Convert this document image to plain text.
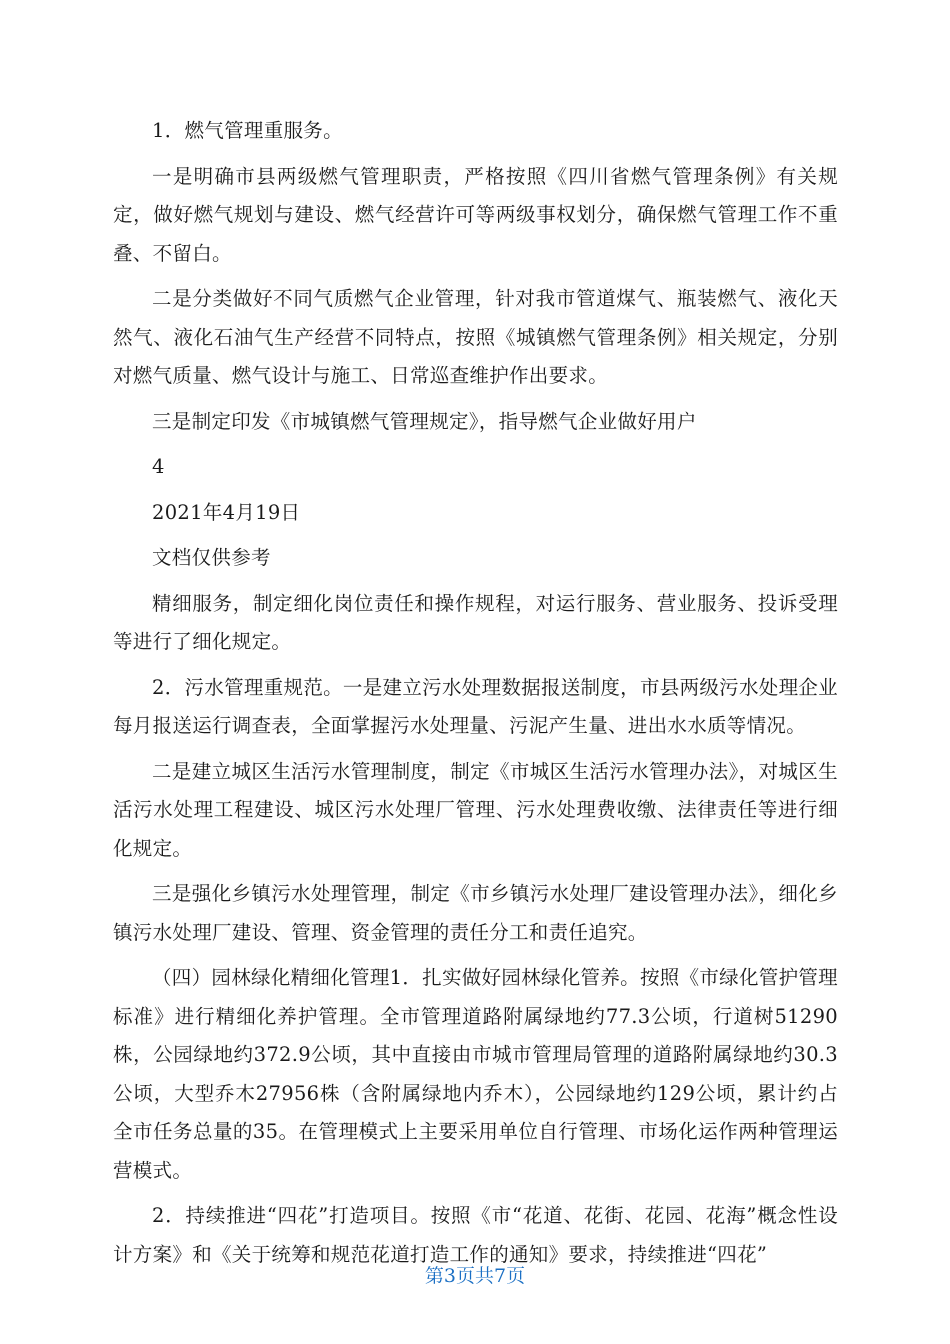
1．燃气管理重服务。

一是明确市县两级燃气管理职责，严格按照《四川省燃气管理条例》有关规定，做好燃气规划与建设、燃气经营许可等两级事权划分，确保燃气管理工作不重叠、不留白。

二是分类做好不同气质燃气企业管理，针对我市管道煤气、瓶装燃气、液化天然气、液化石油气生产经营不同特点，按照《城镇燃气管理条例》相关规定，分别对燃气质量、燃气设计与施工、日常巡查维护作出要求。

三是制定印发《市城镇燃气管理规定》，指导燃气企业做好用户

4

2021年4月19日

文档仅供参考

精细服务，制定细化岗位责任和操作规程，对运行服务、营业服务、投诉受理等进行了细化规定。

2．污水管理重规范。一是建立污水处理数据报送制度，市县两级污水处理企业每月报送运行调查表，全面掌握污水处理量、污泥产生量、进出水水质等情况。

二是建立城区生活污水管理制度，制定《市城区生活污水管理办法》，对城区生活污水处理工程建设、城区污水处理厂管理、污水处理费收缴、法律责任等进行细化规定。

三是强化乡镇污水处理管理，制定《市乡镇污水处理厂建设管理办法》，细化乡镇污水处理厂建设、管理、资金管理的责任分工和责任追究。

（四）园林绿化精细化管理1．扎实做好园林绿化管养。按照《市绿化管护管理标准》进行精细化养护管理。全市管理道路附属绿地约77.3公顷，行道树51290株，公园绿地约372.9公顷，其中直接由市城市管理局管理的道路附属绿地约30.3公顷，大型乔木27956株（含附属绿地内乔木），公园绿地约129公顷，累计约占全市任务总量的35。在管理模式上主要采用单位自行管理、市场化运作两种管理运营模式。

2．持续推进“四花”打造项目。按照《市“花道、花街、花园、花海”概念性设计方案》和《关于统筹和规范花道打造工作的通知》要求，持续推进“四花”

第3页共7页
